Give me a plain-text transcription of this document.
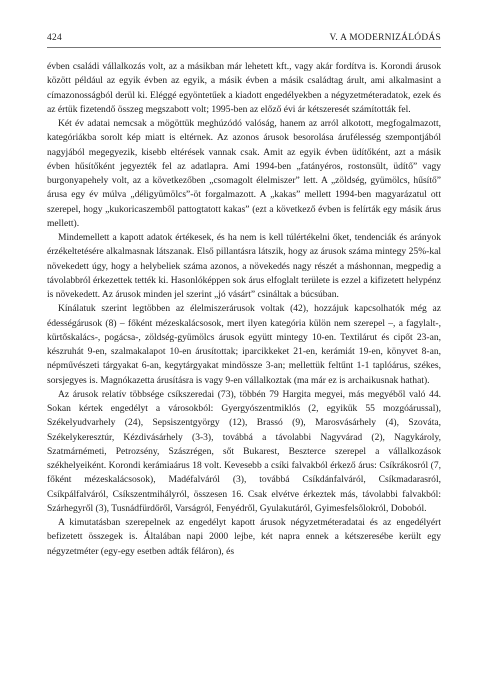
424	V. A MODERNIZÁLÓDÁS

évben családi vállalkozás volt, az a másikban már lehetett kft., vagy akár fordítva is. Korondi árusok között például az egyik évben az egyik, a másik évben a másik családtag árult, ami alkalmasint a címazonosságból derül ki. Eléggé egyöntetűek a kiadott engedélyekben a négyzetméteradatok, ezek és az értük fizetendő összeg megszabott volt; 1995-ben az előző évi ár kétszeresét számították fel.

Két év adatai nemcsak a mögöttük meghúzódó valóság, hanem az arról alkotott, megfogalmazott, kategóriákba sorolt kép miatt is eltérnek. Az azonos árusok besorolása árufélesség szempontjából nagyjából megegyezik, kisebb eltérések vannak csak. Amit az egyik évben üdítőként, azt a másik évben hűsítőként jegyezték fel az adatlapra. Ami 1994-ben „fatányéros, rostonsült, üdítő” vagy burgonyapehely volt, az a következőben „csomagolt élelmiszer” lett. A „zöldség, gyümölcs, hűsítő” árusa egy év múlva „déligyümölcs”-öt forgalmazott. A „kakas” mellett 1994-ben magyarázatul ott szerepel, hogy „kukoricaszemből pattogtatott kakas” (ezt a következő évben is felírták egy másik árus mellett).

Mindemellett a kapott adatok értékesek, és ha nem is kell túlértékelni őket, tendenciák és arányok érzékeltetésére alkalmasnak látszanak. Első pillantásra látszik, hogy az árusok száma mintegy 25%-kal növekedett úgy, hogy a helybeliek száma azonos, a növekedés nagy részét a máshonnan, megpedig a távolabbról érkezettek tették ki. Hasonlóképpen sok árus elfoglalt területe is ezzel a kifizetett helypénz is növekedett. Az árusok minden jel szerint „jó vásárt” csináltak a búcsúban.

Kínálatuk szerint legtöbben az élelmiszerárusok voltak (42), hozzájuk kapcsolhatók még az édességárusok (8) – főként mézeskalácsosok, mert ilyen kategória külön nem szerepel –, a fagylalt-, kürtőskalács-, pogácsa-, zöldség-gyümölcs árusok együtt mintegy 10-en. Textilárut és cipőt 23-an, készruhát 9-en, szalmakalapot 10-en árusítottak; iparcikkeket 21-en, kerámiát 19-en, könyvet 8-an, népművészeti tárgyakat 6-an, kegytárgyakat mindössze 3-an; mellettük feltűnt 1-1 taplóárus, székes, sorsjegyes is. Magnókazetta árusításra is vagy 9-en vállalkoztak (ma már ez is archaikusnak hathat).

Az árusok relatív többsége csíkszeredai (73), többén 79 Hargita megyei, más megyéből való 44. Sokan kértek engedélyt a városokból: Gyergyószentmiklós (2, egyikük 55 mozgóárussal), Székelyudvarhely (24), Sepsiszentgyörgy (12), Brassó (9), Marosvásárhely (4), Szováta, Székelykeresztúr, Kézdivásárhely (3-3), továbbá a távolabbi Nagyvárad (2), Nagykároly, Szatmárnémeti, Petrozsény, Szászrégen, sőt Bukarest, Beszterce szerepel a vállalkozások székhelyeiként. Korondi kerámiaárus 18 volt. Kevesebb a csíki falvakból érkező árus: Csíkrákosról (7, főként mézeskalácsosok), Madéfalváról (3), továbbá Csíkdánfalváról, Csíkmadarasról, Csíkpálfalváról, Csíkszentmihályról, összesen 16. Csak elvétve érkeztek más, távolabbi falvakból: Szárhegyről (3), Tusnádfürdőről, Varságról, Fenyédről, Gyulakutáról, Gyimesfelsőlokról, Doboból.

A kimutatásban szerepelnek az engedélyt kapott árusok négyzetméteradatai és az engedélyért befizetett összegek is. Általában napi 2000 lejbe, két napra ennek a kétszeresébe került egy négyzetméter (egy-egy esetben adták féláron), és
